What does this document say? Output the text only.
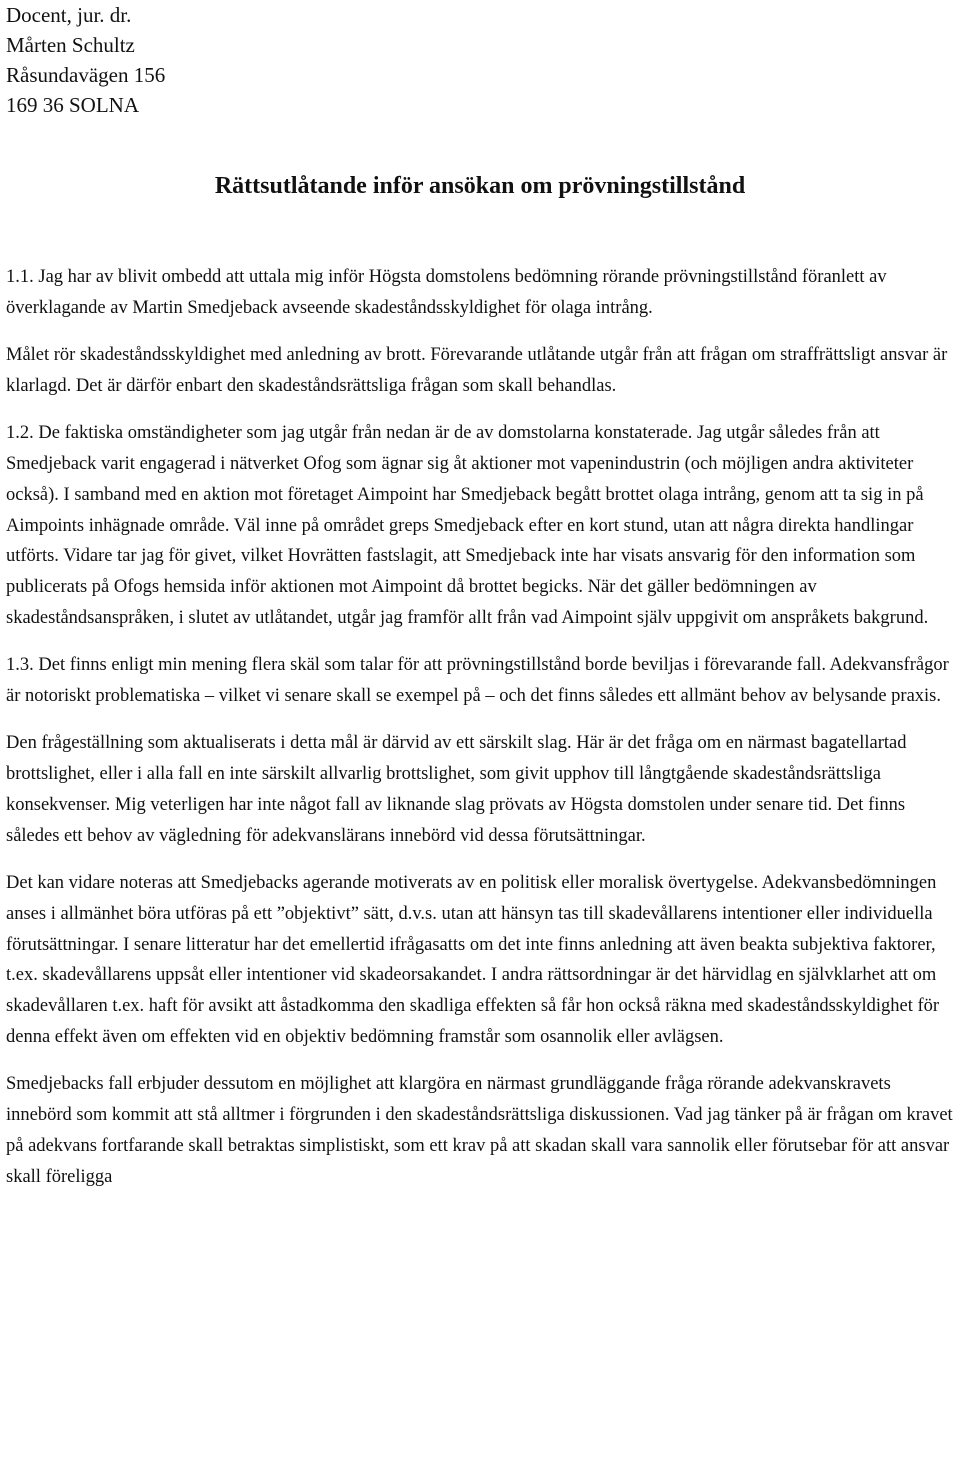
Docent, jur. dr.
Mårten Schultz
Råsundavägen 156
169 36 SOLNA
Rättsutlåtande inför ansökan om prövningstillstånd

1.1. Jag har av blivit ombedd att uttala mig inför Högsta domstolens bedömning rörande prövningstillstånd föranlett av överklagande av Martin Smedjeback avseende skadeståndsskyldighet för olaga intrång.

Målet rör skadeståndsskyldighet med anledning av brott. Förevarande utlåtande utgår från att frågan om straffrättsligt ansvar är klarlagd. Det är därför enbart den skadeståndsrättsliga frågan som skall behandlas.

1.2. De faktiska omständigheter som jag utgår från nedan är de av domstolarna konstaterade. Jag utgår således från att Smedjeback varit engagerad i nätverket Ofog som ägnar sig åt aktioner mot vapenindustrin (och möjligen andra aktiviteter också). I samband med en aktion mot företaget Aimpoint har Smedjeback begått brottet olaga intrång, genom att ta sig in på Aimpoints inhägnade område. Väl inne på området greps Smedjeback efter en kort stund, utan att några direkta handlingar utförts. Vidare tar jag för givet, vilket Hovrätten fastslagit, att Smedjeback inte har visats ansvarig för den information som publicerats på Ofogs hemsida inför aktionen mot Aimpoint då brottet begicks. När det gäller bedömningen av skadeståndsanspråken, i slutet av utlåtandet, utgår jag framför allt från vad Aimpoint själv uppgivit om anspråkets bakgrund.

1.3. Det finns enligt min mening flera skäl som talar för att prövningstillstånd borde beviljas i förevarande fall. Adekvansfrågor är notoriskt problematiska – vilket vi senare skall se exempel på – och det finns således ett allmänt behov av belysande praxis.

Den frågeställning som aktualiserats i detta mål är därvid av ett särskilt slag. Här är det fråga om en närmast bagatellartad brottslighet, eller i alla fall en inte särskilt allvarlig brottslighet, som givit upphov till långtgående skadeståndsrättsliga konsekvenser. Mig veterligen har inte något fall av liknande slag prövats av Högsta domstolen under senare tid. Det finns således ett behov av vägledning för adekvanslärans innebörd vid dessa förutsättningar.

Det kan vidare noteras att Smedjebacks agerande motiverats av en politisk eller moralisk övertygelse. Adekvansbedömningen anses i allmänhet böra utföras på ett ”objektivt” sätt, d.v.s. utan att hänsyn tas till skadevållarens intentioner eller individuella förutsättningar. I senare litteratur har det emellertid ifrågasatts om det inte finns anledning att även beakta subjektiva faktorer, t.ex. skadevållarens uppsåt eller intentioner vid skadeorsakandet. I andra rättsordningar är det härvidlag en självklarhet att om skadevållaren t.ex. haft för avsikt att åstadkomma den skadliga effekten så får hon också räkna med skadeståndsskyldighet för denna effekt även om effekten vid en objektiv bedömning framstår som osannolik eller avlägsen.

Smedjebacks fall erbjuder dessutom en möjlighet att klargöra en närmast grundläggande fråga rörande adekvanskravets innebörd som kommit att stå alltmer i förgrunden i den skadeståndsrättsliga diskussionen. Vad jag tänker på är frågan om kravet på adekvans fortfarande skall betraktas simplistiskt, som ett krav på att skadan skall vara sannolik eller förutsebar för att ansvar skall föreligga
